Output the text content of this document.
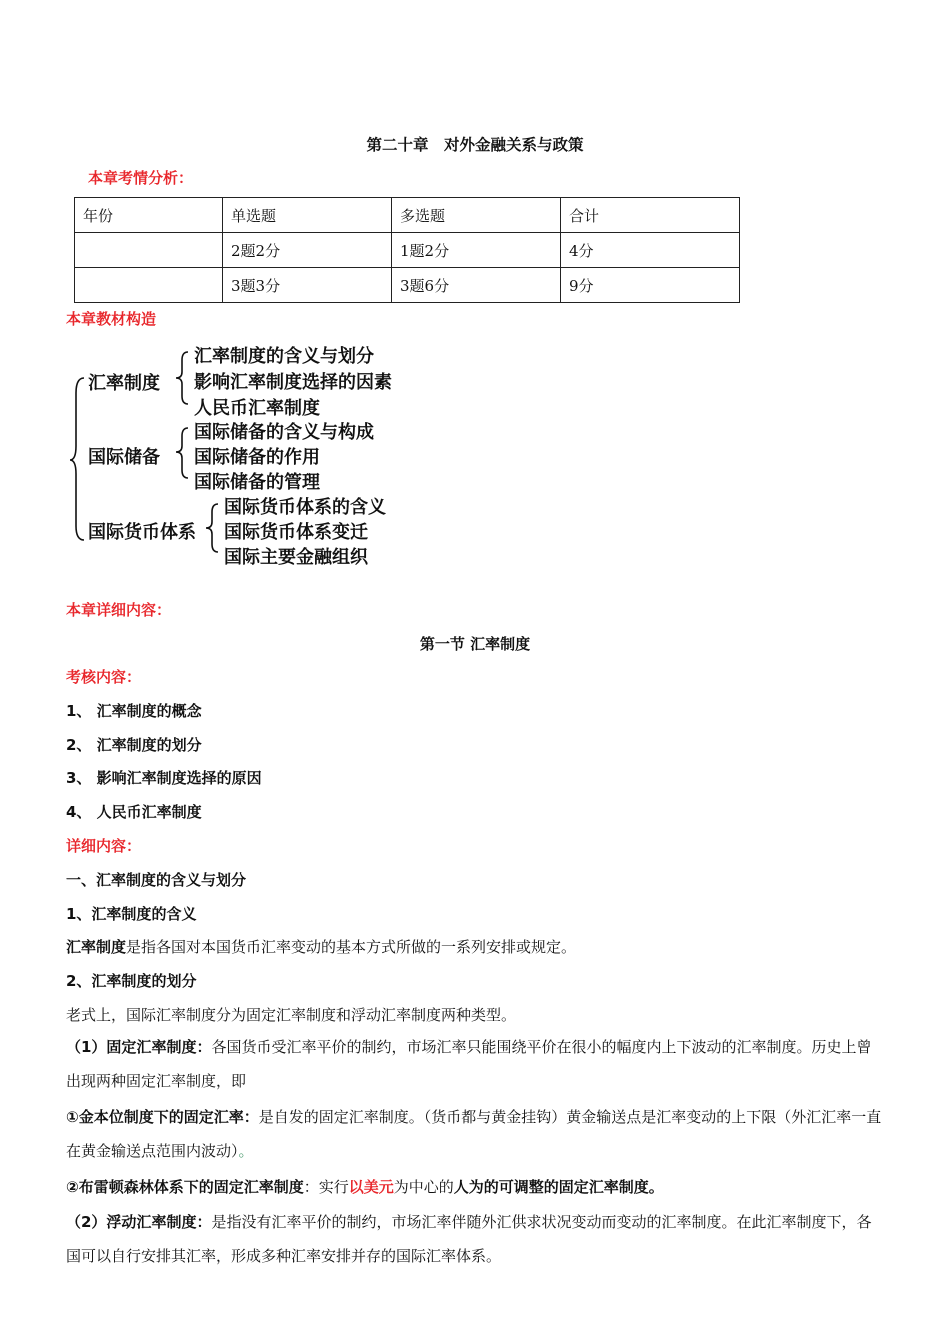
第二十章　对外金融关系与政策
本章考情分析：
年份	单选题	多选题	合计
	2题2分	1题2分	4分
	3题3分	3题6分	9分
本章教材构造
汇率制度
汇率制度的含义与划分
影响汇率制度选择的因素
人民币汇率制度
国际储备
国际储备的含义与构成
国际储备的作用
国际储备的管理
国际货币体系
国际货币体系的含义
国际货币体系变迁
国际主要金融组织
本章详细内容：
第一节 汇率制度
考核内容：
1、 汇率制度的概念
2、 汇率制度的划分
3、 影响汇率制度选择的原因
4、 人民币汇率制度
详细内容：
一、汇率制度的含义与划分
1、汇率制度的含义
汇率制度是指各国对本国货币汇率变动的基本方式所做的一系列安排或规定。
2、汇率制度的划分
老式上，国际汇率制度分为固定汇率制度和浮动汇率制度两种类型。
（1）固定汇率制度：各国货币受汇率平价的制约，市场汇率只能围绕平价在很小的幅度内上下波动的汇率制度。历史上曾出现两种固定汇率制度，即
①金本位制度下的固定汇率：是自发的固定汇率制度。（货币都与黄金挂钩）黄金输送点是汇率变动的上下限（外汇汇率一直在黄金输送点范围内波动）。
②布雷顿森林体系下的固定汇率制度：实行以美元为中心的人为的可调整的固定汇率制度。
（2）浮动汇率制度：是指没有汇率平价的制约，市场汇率伴随外汇供求状况变动而变动的汇率制度。在此汇率制度下，各国可以自行安排其汇率，形成多种汇率安排并存的国际汇率体系。
